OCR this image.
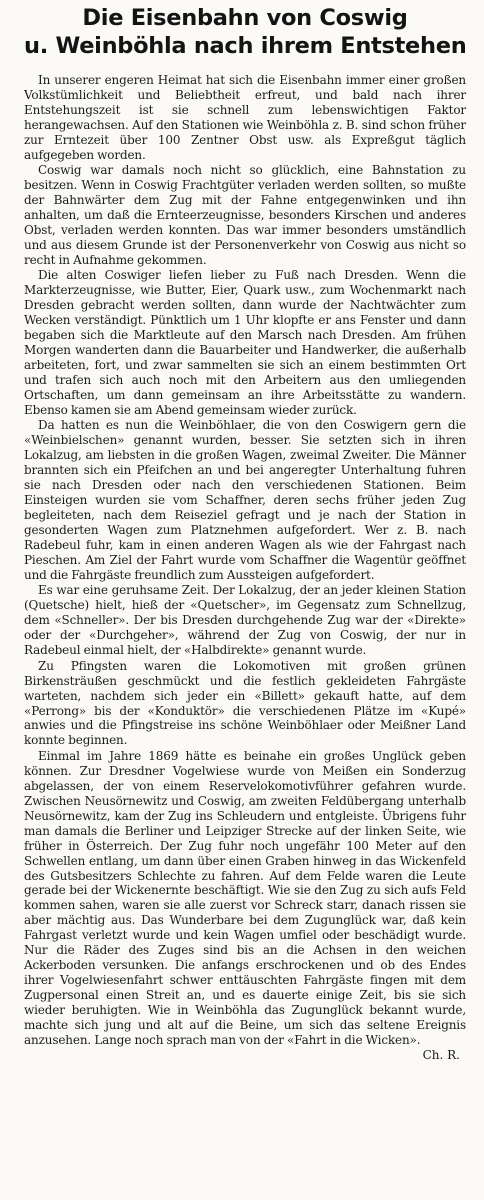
Die Eisenbahn von Coswig
u. Weinböhla nach ihrem Entstehen

In unserer engeren Heimat hat sich die Eisenbahn immer einer großen Volkstümlichkeit und Beliebtheit erfreut, und bald nach ihrer Entstehungszeit ist sie schnell zum lebenswichtigen Faktor herangewachsen. Auf den Stationen wie Weinböhla z. B. sind schon früher zur Erntezeit über 100 Zentner Obst usw. als Expreßgut täglich aufgegeben worden.

Coswig war damals noch nicht so glücklich, eine Bahnstation zu besitzen. Wenn in Coswig Frachtgüter verladen werden sollten, so mußte der Bahnwärter dem Zug mit der Fahne entgegenwinken und ihn anhalten, um daß die Ernteerzeugnisse, besonders Kirschen und anderes Obst, verladen werden konnten. Das war immer besonders umständlich und aus diesem Grunde ist der Personenverkehr von Coswig aus nicht so recht in Aufnahme gekommen.

Die alten Coswiger liefen lieber zu Fuß nach Dresden. Wenn die Markterzeugnisse, wie Butter, Eier, Quark usw., zum Wochenmarkt nach Dresden gebracht werden sollten, dann wurde der Nachtwächter zum Wecken verständigt. Pünktlich um 1 Uhr klopfte er ans Fenster und dann begaben sich die Marktleute auf den Marsch nach Dresden. Am frühen Morgen wanderten dann die Bauarbeiter und Handwerker, die außerhalb arbeiteten, fort, und zwar sammelten sie sich an einem bestimmten Ort und trafen sich auch noch mit den Arbeitern aus den umliegenden Ortschaften, um dann gemeinsam an ihre Arbeitsstätte zu wandern. Ebenso kamen sie am Abend gemeinsam wieder zurück.

Da hatten es nun die Weinböhlaer, die von den Coswigern gern die «Weinbielschen» genannt wurden, besser. Sie setzten sich in ihren Lokalzug, am liebsten in die großen Wagen, zweimal Zweiter. Die Männer brannten sich ein Pfeifchen an und bei angeregter Unterhaltung fuhren sie nach Dresden oder nach den verschiedenen Stationen. Beim Einsteigen wurden sie vom Schaffner, deren sechs früher jeden Zug begleiteten, nach dem Reiseziel gefragt und je nach der Station in gesonderten Wagen zum Platznehmen aufgefordert. Wer z. B. nach Radebeul fuhr, kam in einen anderen Wagen als wie der Fahrgast nach Pieschen. Am Ziel der Fahrt wurde vom Schaffner die Wagentür geöffnet und die Fahrgäste freundlich zum Aussteigen aufgefordert.

Es war eine geruhsame Zeit. Der Lokalzug, der an jeder kleinen Station (Quetsche) hielt, hieß der «Quetscher», im Gegensatz zum Schnellzug, dem «Schneller». Der bis Dresden durchgehende Zug war der «Direkte» oder der «Durchgeher», während der Zug von Coswig, der nur in Radebeul einmal hielt, der «Halbdirekte» genannt wurde.

Zu Pfingsten waren die Lokomotiven mit großen grünen Birkensträußen geschmückt und die festlich gekleideten Fahrgäste warteten, nachdem sich jeder ein «Billett» gekauft hatte, auf dem «Perrong» bis der «Konduktör» die verschiedenen Plätze im «Kupé» anwies und die Pfingstreise ins schöne Weinböhlaer oder Meißner Land konnte beginnen.

Einmal im Jahre 1869 hätte es beinahe ein großes Unglück geben können. Zur Dresdner Vogelwiese wurde von Meißen ein Sonderzug abgelassen, der von einem Reservelokomotivführer gefahren wurde. Zwischen Neusörnewitz und Coswig, am zweiten Feldübergang unterhalb Neusörnewitz, kam der Zug ins Schleudern und entgleiste. Übrigens fuhr man damals die Berliner und Leipziger Strecke auf der linken Seite, wie früher in Österreich. Der Zug fuhr noch ungefähr 100 Meter auf den Schwellen entlang, um dann über einen Graben hinweg in das Wickenfeld des Gutsbesitzers Schlechte zu fahren. Auf dem Felde waren die Leute gerade bei der Wickenernte beschäftigt. Wie sie den Zug zu sich aufs Feld kommen sahen, waren sie alle zuerst vor Schreck starr, danach rissen sie aber mächtig aus. Das Wunderbare bei dem Zugunglück war, daß kein Fahrgast verletzt wurde und kein Wagen umfiel oder beschädigt wurde. Nur die Räder des Zuges sind bis an die Achsen in den weichen Ackerboden versunken. Die anfangs erschrockenen und ob des Endes ihrer Vogelwiesenfahrt schwer enttäuschten Fahrgäste fingen mit dem Zugpersonal einen Streit an, und es dauerte einige Zeit, bis sie sich wieder beruhigten. Wie in Weinböhla das Zugunglück bekannt wurde, machte sich jung und alt auf die Beine, um sich das seltene Ereignis anzusehen. Lange noch sprach man von der «Fahrt in die Wicken».

Ch. R.
